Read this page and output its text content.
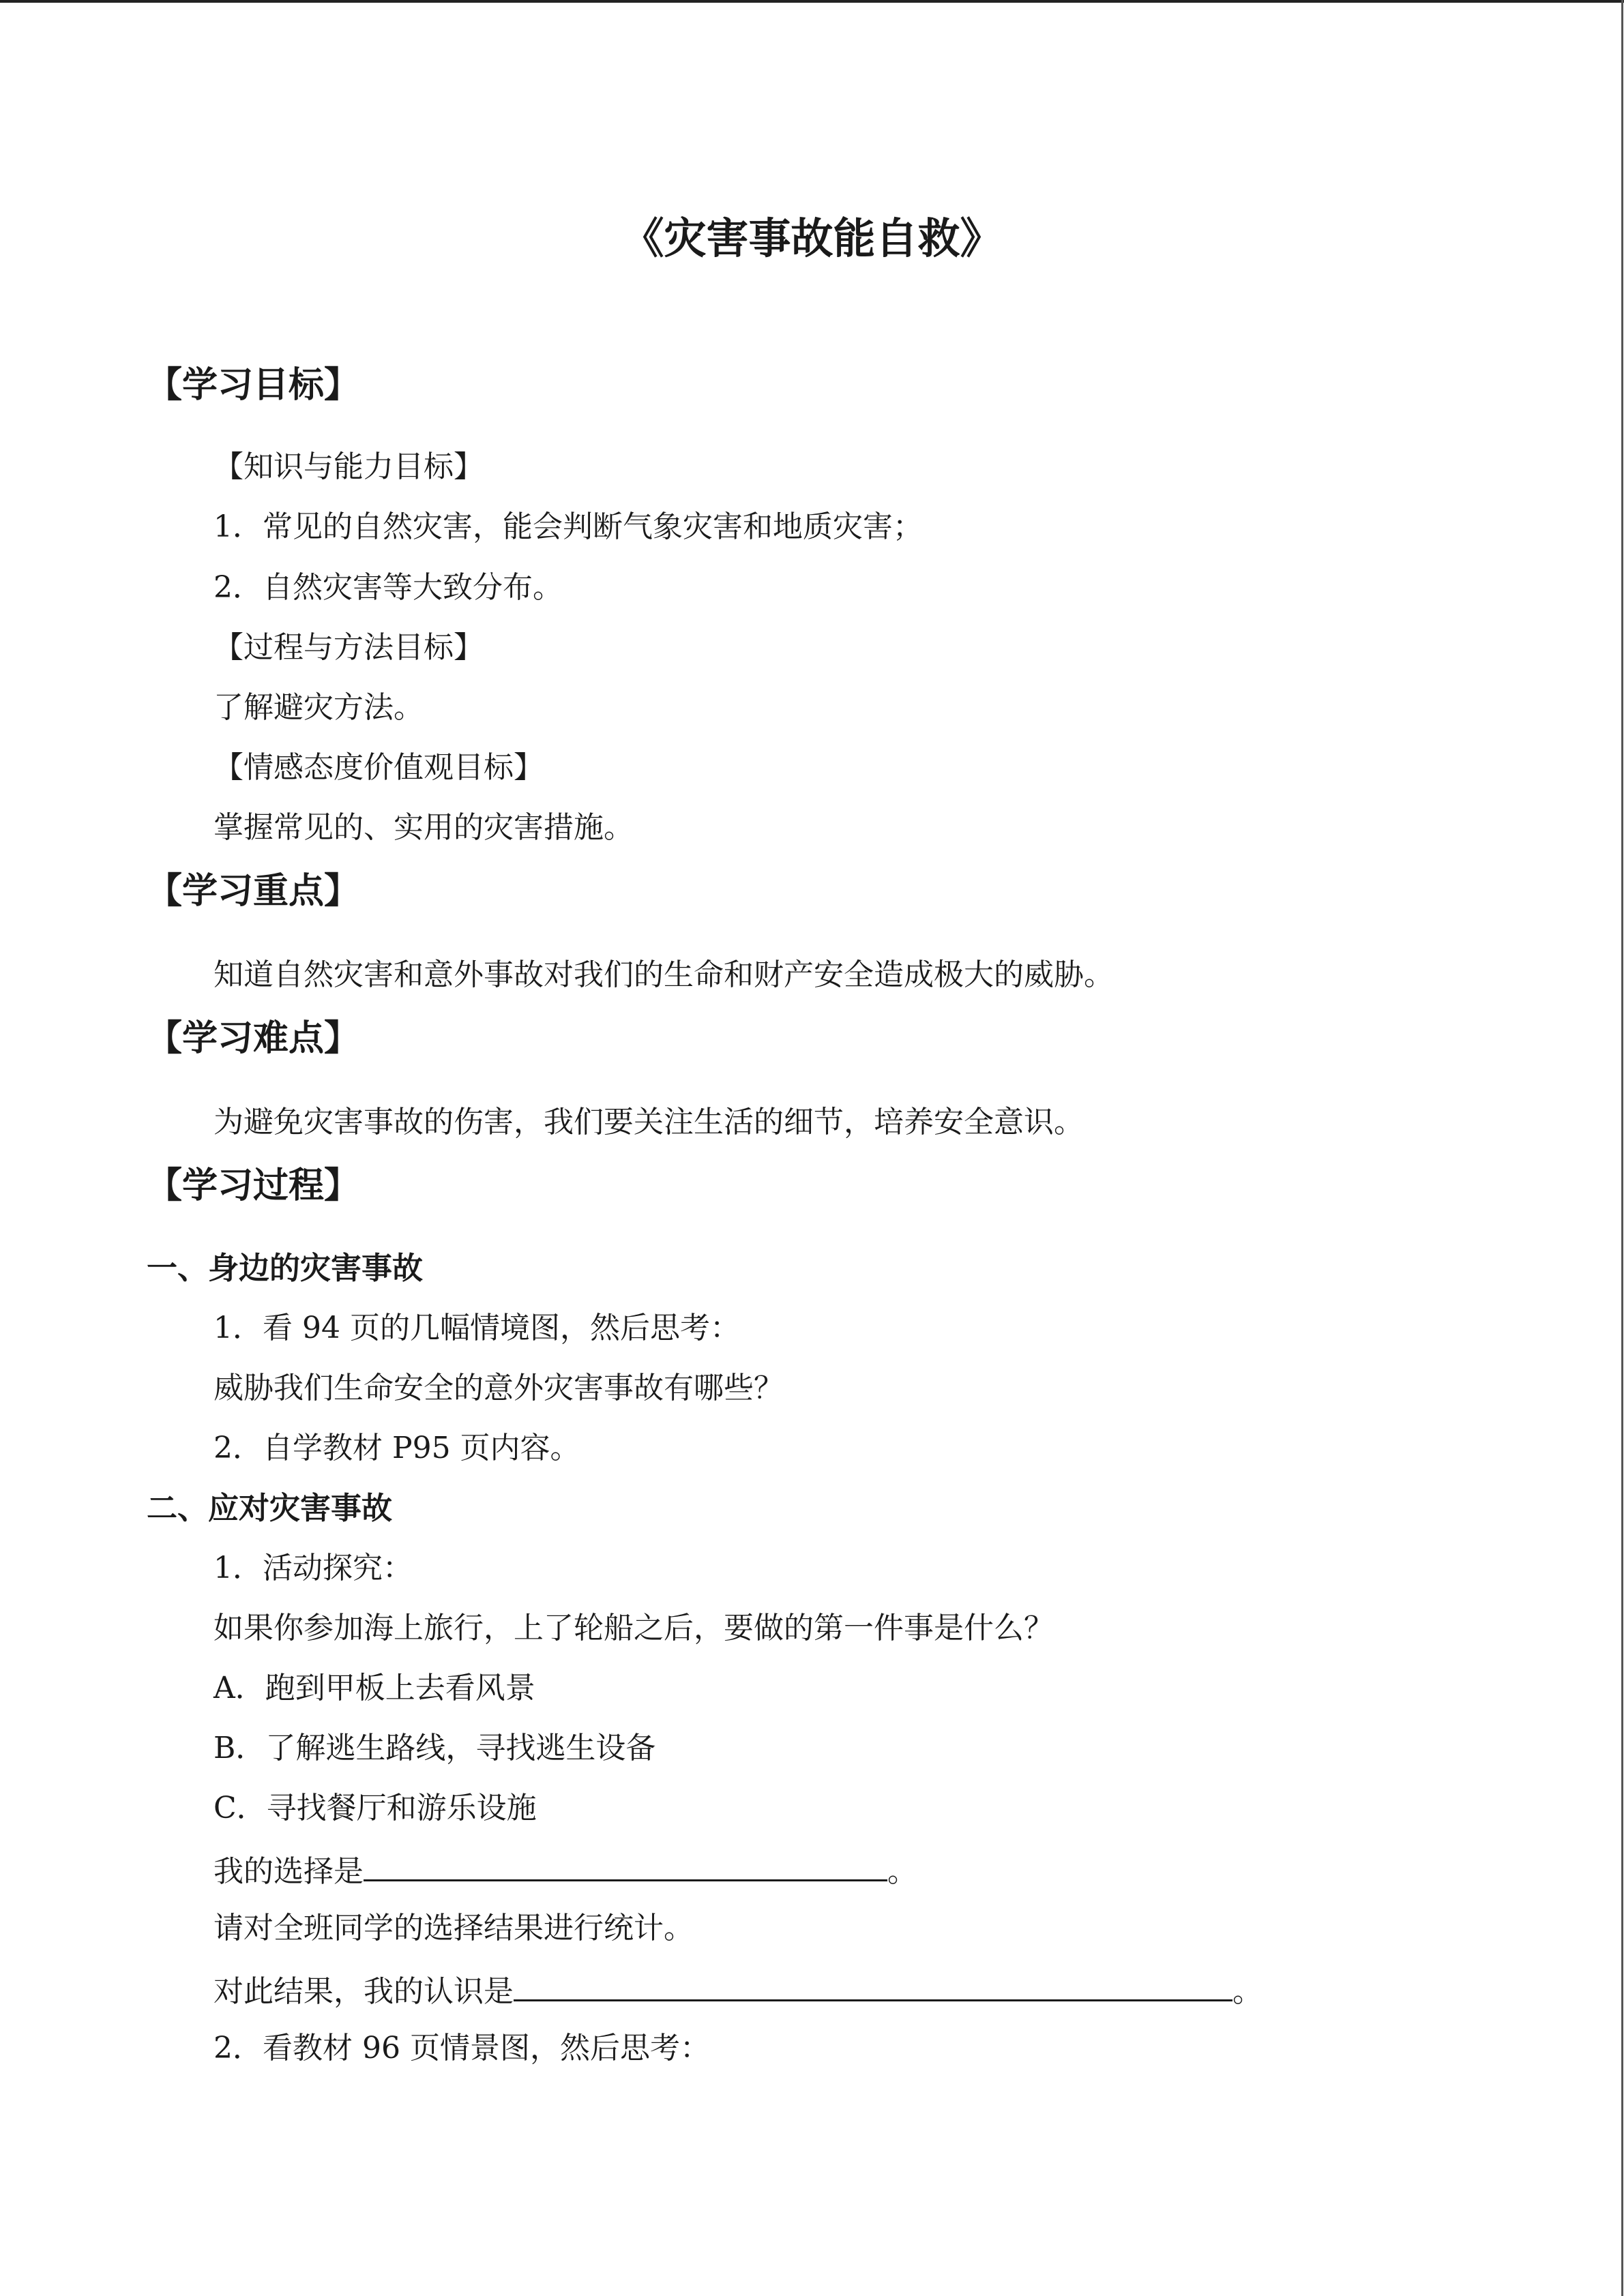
《灾害事故能自救》
【学习目标】
【知识与能力目标】
1．常见的自然灾害，能会判断气象灾害和地质灾害；
2．自然灾害等大致分布。
【过程与方法目标】
了解避灾方法。
【情感态度价值观目标】
掌握常见的、实用的灾害措施。
【学习重点】
知道自然灾害和意外事故对我们的生命和财产安全造成极大的威胁。
【学习难点】
为避免灾害事故的伤害，我们要关注生活的细节，培养安全意识。
【学习过程】
一、身边的灾害事故
1．看 94 页的几幅情境图，然后思考：
威胁我们生命安全的意外灾害事故有哪些？
2．自学教材 P95 页内容。
二、应对灾害事故
1．活动探究：
如果你参加海上旅行，上了轮船之后，要做的第一件事是什么？
A．跑到甲板上去看风景
B．了解逃生路线，寻找逃生设备
C．寻找餐厅和游乐设施
我的选择是	。
请对全班同学的选择结果进行统计。
对此结果，我的认识是	。
2．看教材 96 页情景图，然后思考：
